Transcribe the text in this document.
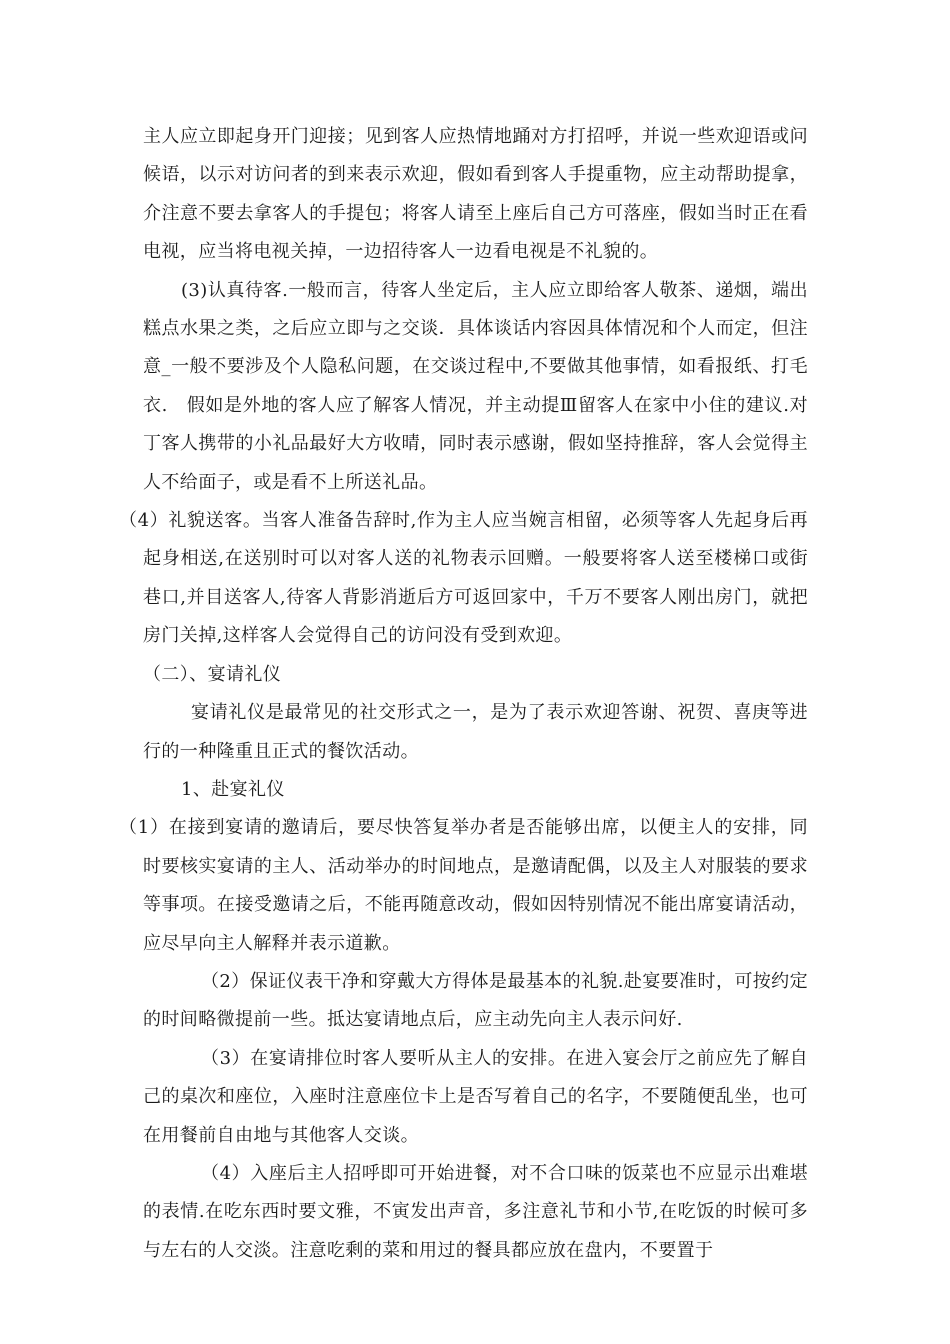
主人应立即起身开门迎接；见到客人应热情地踊对方打招呼，并说一些欢迎语或问候语，以示对访问者的到来表示欢迎，假如看到客人手提重物，应主动帮助提拿，介注意不要去拿客人的手提包；将客人请至上座后自己方可落座，假如当时正在看电视，应当将电视关掉，一边招待客人一边看电视是不礼貌的。

(3)认真待客.一般而言，待客人坐定后，主人应立即给客人敬茶、递烟，端出糕点水果之类，之后应立即与之交谈．具体谈话内容因具体情况和个人而定，但注意_一般不要涉及个人隐私问题，在交谈过程中,不要做其他事情，如看报纸、打毛衣.　假如是外地的客人应了解客人情况，并主动提Ⅲ留客人在家中小住的建议.对丁客人携带的小礼品最好大方收晴，同时表示感谢，假如坚持推辞，客人会觉得主人不给面子，或是看不上所送礼品。

（4）礼貌送客。当客人准备告辞时,作为主人应当婉言相留，必须等客人先起身后再起身相送,在送别时可以对客人送的礼物表示回赠。一般要将客人送至楼梯口或街巷口,并目送客人,待客人背影消逝后方可返回家中，千万不要客人刚出房门，就把房门关掉,这样客人会觉得自己的访问没有受到欢迎。

（二）、宴请礼仪

宴请礼仪是最常见的社交形式之一，是为了表示欢迎答谢、祝贺、喜庚等进行的一种隆重且正式的餐饮活动。

1、赴宴礼仪

（1）在接到宴请的邀请后，要尽快答复举办者是否能够出席，以便主人的安排，同时要核实宴请的主人、活动举办的时间地点，是邀请配偶，以及主人对服装的要求等事项。在接受邀请之后，不能再随意改动，假如因特别情况不能出席宴请活动，应尽早向主人解释并表示道歉。

（2）保证仪表干净和穿戴大方得体是最基本的礼貌.赴宴要准时，可按约定的时间略微提前一些。抵达宴请地点后，应主动先向主人表示问好.

（3）在宴请排位时客人要听从主人的安排。在进入宴会厅之前应先了解自己的桌次和座位，入座时注意座位卡上是否写着自己的名字，不要随便乱坐，也可在用餐前自由地与其他客人交谈。

（4）入座后主人招呼即可开始进餐，对不合口味的饭菜也不应显示出难堪的表情.在吃东西时要文雅，不寅发出声音，多注意礼节和小节,在吃饭的时候可多与左右的人交淡。注意吃剩的菜和用过的餐具都应放在盘内，不要置于
